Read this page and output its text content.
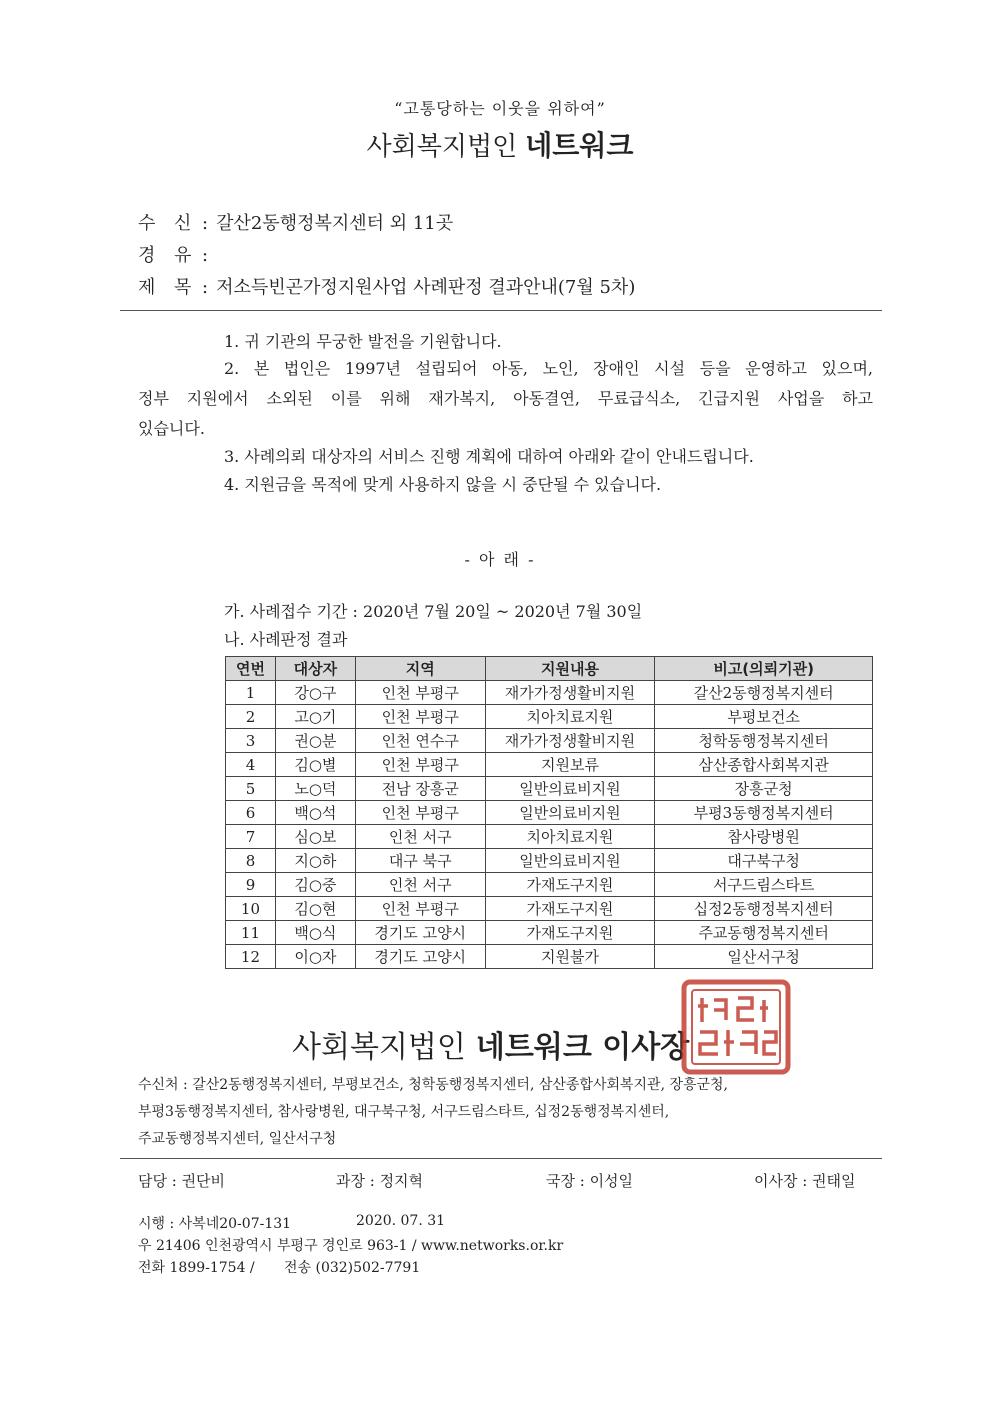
“고통당하는 이웃을 위하여”
사회복지법인 네트워크
수 신 : 갈산2동행정복지센터 외 11곳
경 유 :
제 목 : 저소득빈곤가정지원사업 사례판정 결과안내(7월 5차)
1. 귀 기관의 무궁한 발전을 기원합니다.
2. 본 법인은 1997년 설립되어 아동, 노인, 장애인 시설 등을 운영하고 있으며,
정부 지원에서 소외된 이를 위해 재가복지, 아동결연, 무료급식소, 긴급지원 사업을 하고
있습니다.
3. 사례의뢰 대상자의 서비스 진행 계획에 대하여 아래와 같이 안내드립니다.
4. 지원금을 목적에 맞게 사용하지 않을 시 중단될 수 있습니다.
- 아 래 -
가. 사례접수 기간 : 2020년 7월 20일 ~ 2020년 7월 30일
나. 사례판정 결과
연번	대상자	지역	지원내용	비고(의뢰기관)
1	강○구	인천 부평구	재가가정생활비지원	갈산2동행정복지센터
2	고○기	인천 부평구	치아치료지원	부평보건소
3	권○분	인천 연수구	재가가정생활비지원	청학동행정복지센터
4	김○별	인천 부평구	지원보류	삼산종합사회복지관
5	노○덕	전남 장흥군	일반의료비지원	장흥군청
6	백○석	인천 부평구	일반의료비지원	부평3동행정복지센터
7	심○보	인천 서구	치아치료지원	참사랑병원
8	지○하	대구 북구	일반의료비지원	대구북구청
9	김○중	인천 서구	가재도구지원	서구드림스타트
10	김○현	인천 부평구	가재도구지원	십정2동행정복지센터
11	백○식	경기도 고양시	가재도구지원	주교동행정복지센터
12	이○자	경기도 고양시	지원불가	일산서구청
사회복지법인 네트워크 이사장
수신처 : 갈산2동행정복지센터, 부평보건소, 청학동행정복지센터, 삼산종합사회복지관, 장흥군청,
부평3동행정복지센터, 참사랑병원, 대구북구청, 서구드림스타트, 십정2동행정복지센터,
주교동행정복지센터, 일산서구청
담당 : 권단비	과장 : 정지혁	국장 : 이성일	이사장 : 권태일
시행 : 사복네20-07-131	2020. 07. 31
우 21406 인천광역시 부평구 경인로 963-1 / www.networks.or.kr
전화 1899-1754 / 전송 (032)502-7791
